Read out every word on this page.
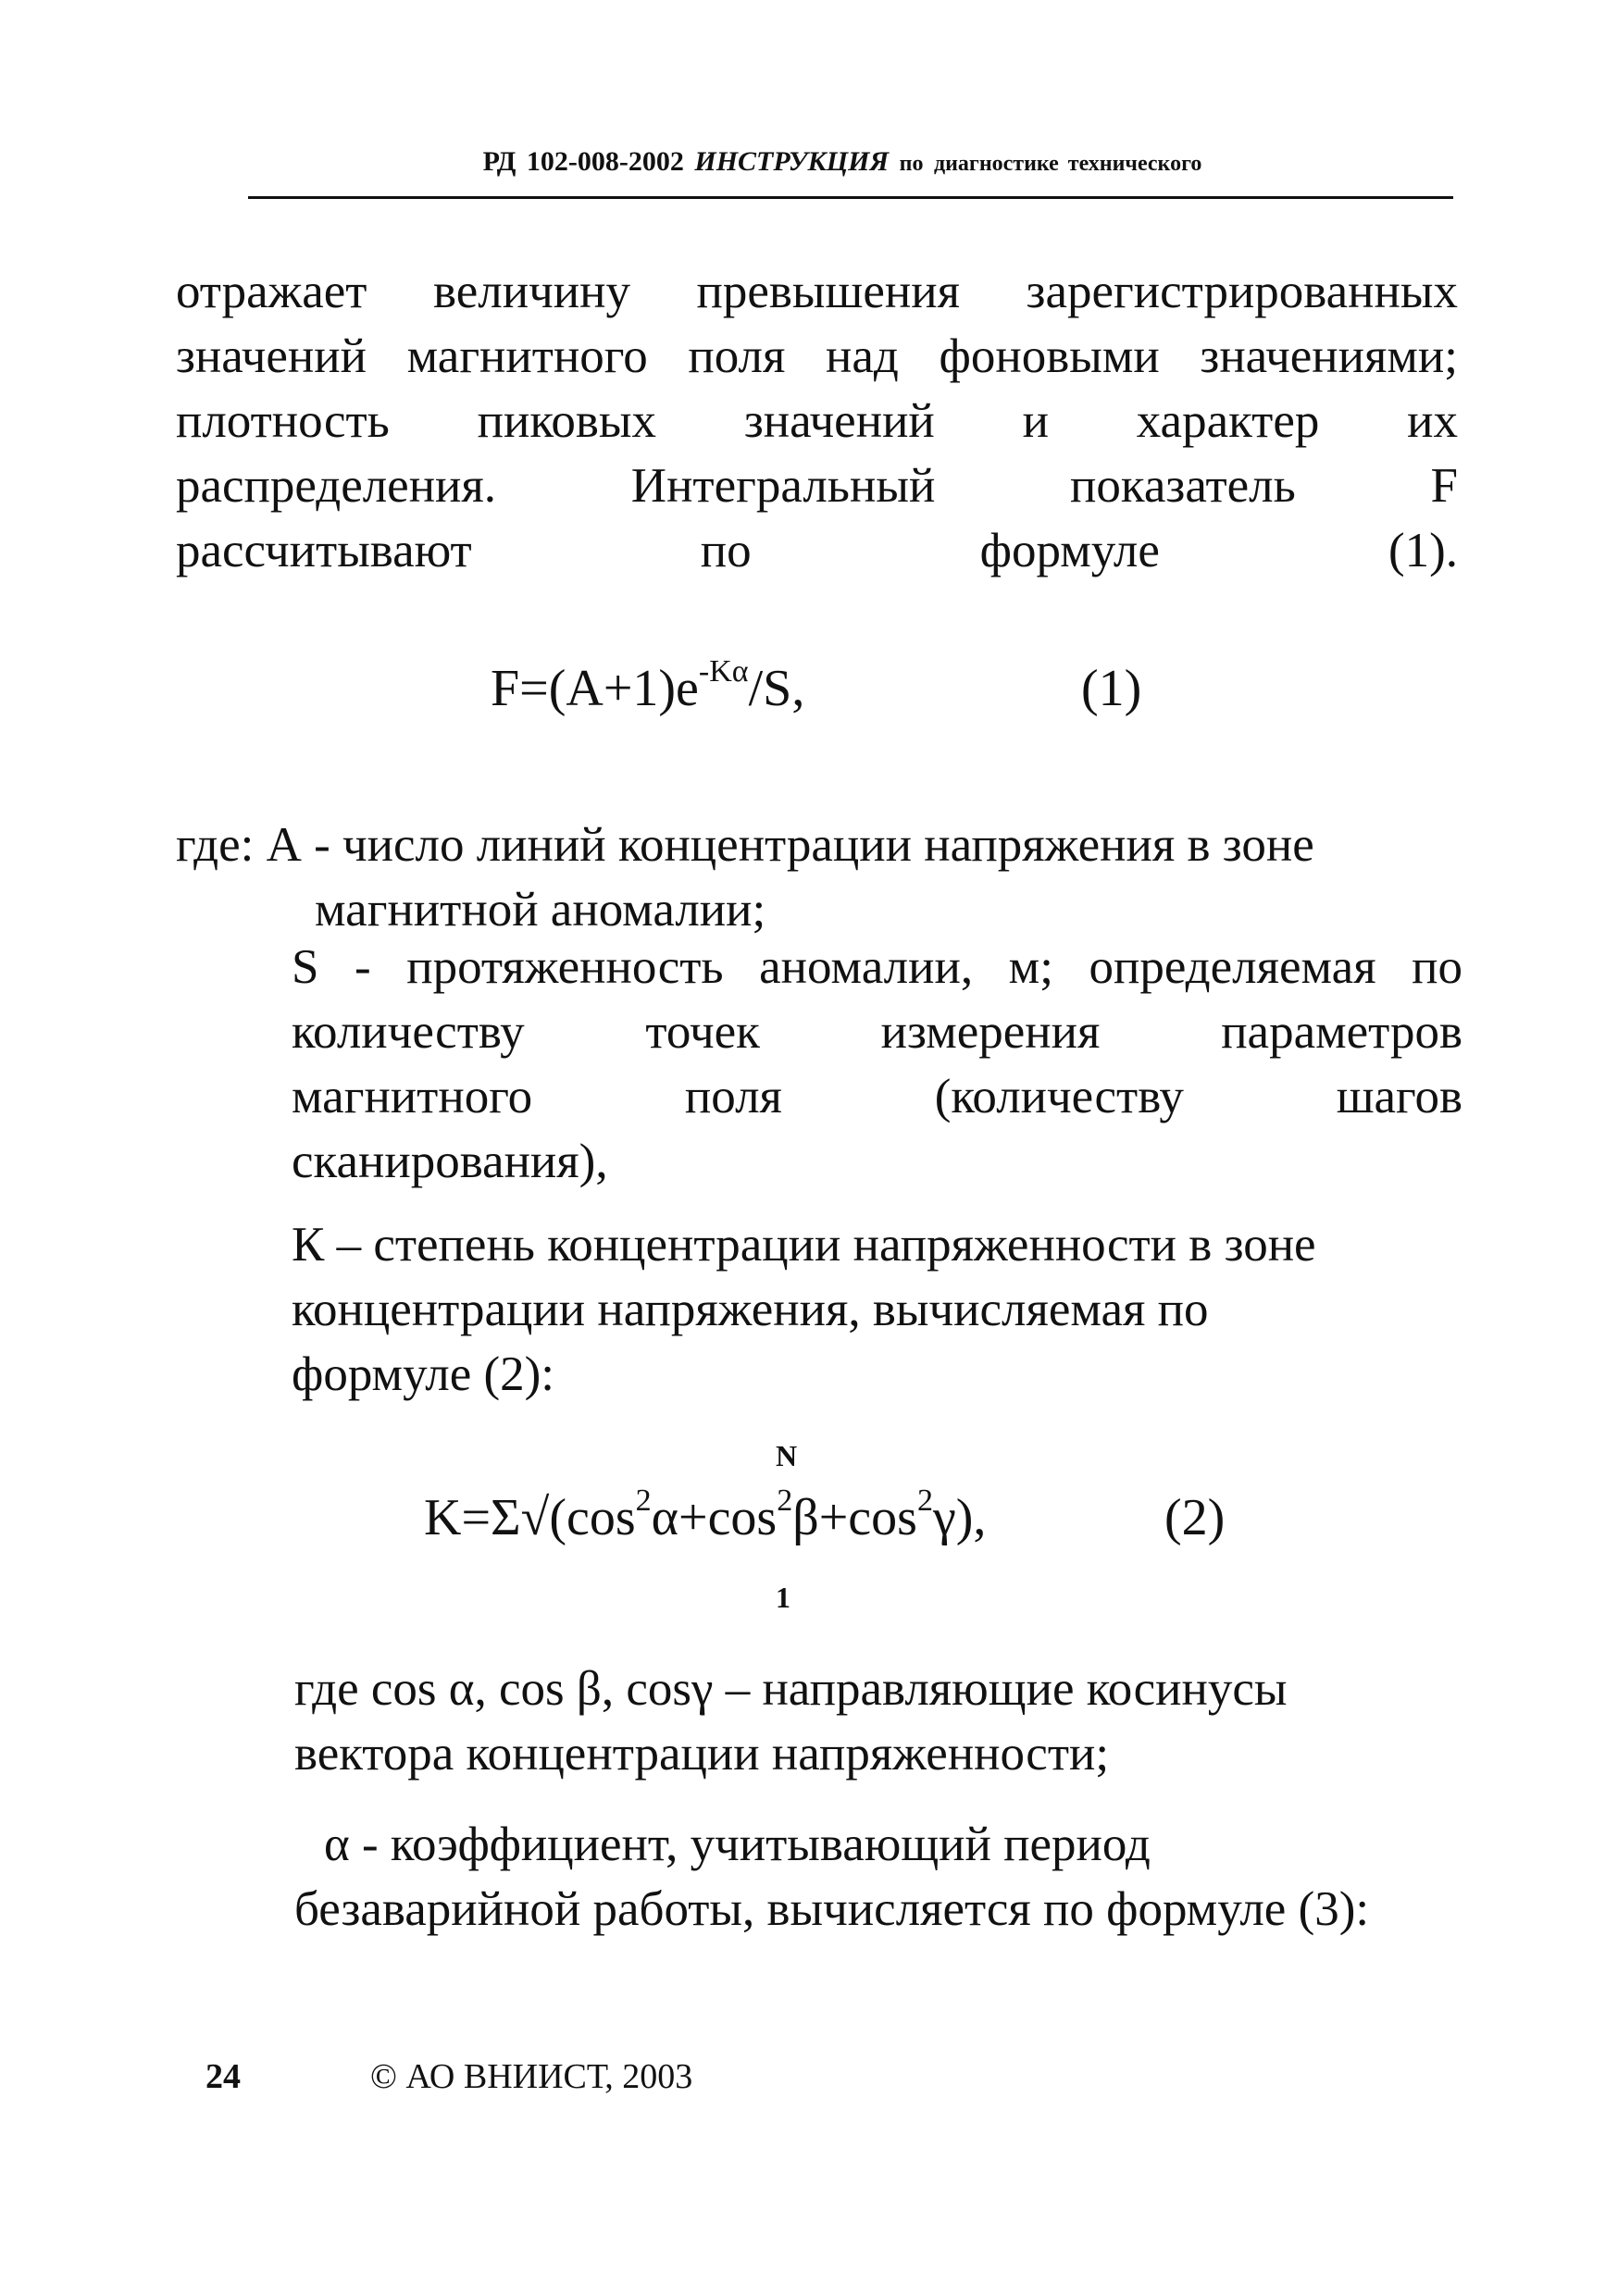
РД 102-008-2002 ИНСТРУКЦИЯ по диагностике технического
отражает величину превышения зарегистрированных
значений магнитного поля над фоновыми значениями;
плотность пиковых значений и характер их
распределения. Интегральный показатель F
рассчитывают по формуле (1).
$F=(A+1)e^{-K\alpha}/S$,	(1)
где: А - число линий концентрации напряжения в зоне
магнитной аномалии;
S - протяженность аномалии, м; определяемая по
количеству точек измерения параметров
магнитного поля (количеству шагов
сканирования),
К – степень концентрации напряженности в зоне
концентрации напряжения, вычисляемая по
формуле (2):
N
$K=\Sigma√(\cos^2\alpha+\cos^2\beta+\cos^2\gamma)$,	(2)
1
где cos α, cos β, cosγ – направляющие косинусы
вектора концентрации напряженности;
α - коэффициент, учитывающий период
безаварийной работы, вычисляется по формуле (3):
24	© АО ВНИИСТ, 2003
